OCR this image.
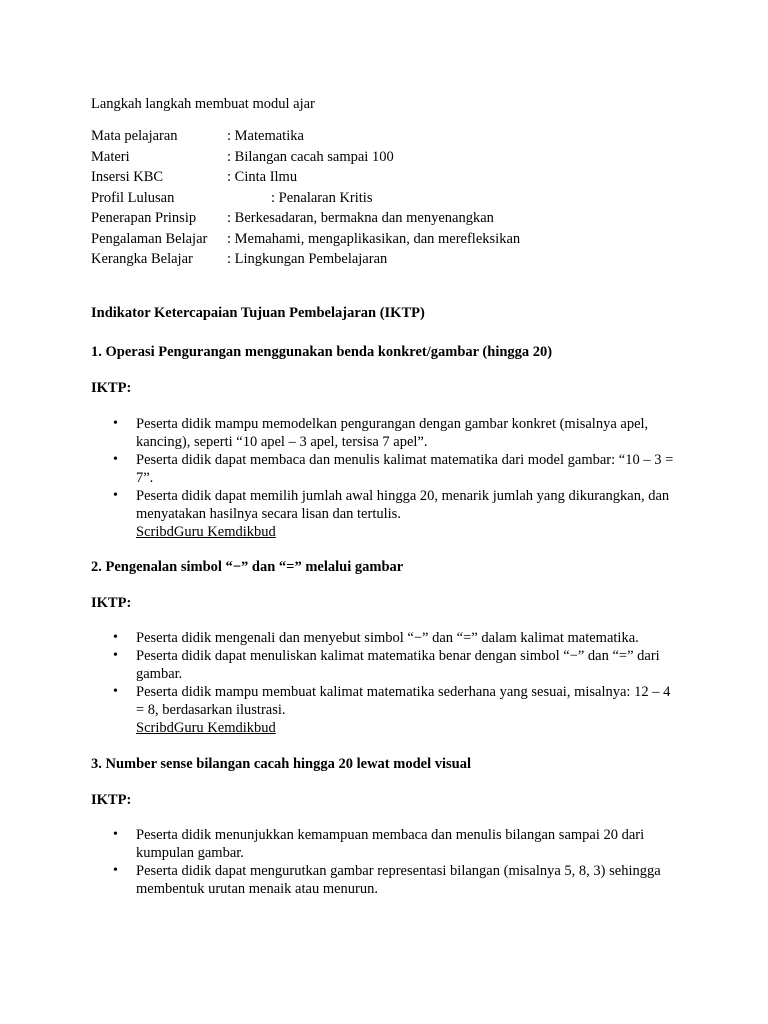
Langkah langkah membuat modul ajar
Mata pelajaran	: Matematika
Materi	: Bilangan cacah sampai 100
Insersi KBC	: Cinta Ilmu
Profil Lulusan	: Penalaran Kritis
Penerapan Prinsip : Berkesadaran, bermakna dan menyenangkan
Pengalaman Belajar : Memahami, mengaplikasikan, dan merefleksikan
Kerangka Belajar : Lingkungan Pembelajaran
Indikator Ketercapaian Tujuan Pembelajaran (IKTP)
1. Operasi Pengurangan menggunakan benda konkret/gambar (hingga 20)
IKTP:
• Peserta didik mampu memodelkan pengurangan dengan gambar konkret (misalnya apel, kancing), seperti “10 apel – 3 apel, tersisa 7 apel”.
• Peserta didik dapat membaca dan menulis kalimat matematika dari model gambar: “10 – 3 = 7”.
• Peserta didik dapat memilih jumlah awal hingga 20, menarik jumlah yang dikurangkan, dan menyatakan hasilnya secara lisan dan tertulis.
ScribdGuru Kemdikbud
2. Pengenalan simbol “−” dan “=” melalui gambar
IKTP:
• Peserta didik mengenali dan menyebut simbol “−” dan “=” dalam kalimat matematika.
• Peserta didik dapat menuliskan kalimat matematika benar dengan simbol “−” dan “=” dari gambar.
• Peserta didik mampu membuat kalimat matematika sederhana yang sesuai, misalnya: 12 – 4 = 8, berdasarkan ilustrasi.
ScribdGuru Kemdikbud
3. Number sense bilangan cacah hingga 20 lewat model visual
IKTP:
• Peserta didik menunjukkan kemampuan membaca dan menulis bilangan sampai 20 dari kumpulan gambar.
• Peserta didik dapat mengurutkan gambar representasi bilangan (misalnya 5, 8, 3) sehingga membentuk urutan menaik atau menurun.
